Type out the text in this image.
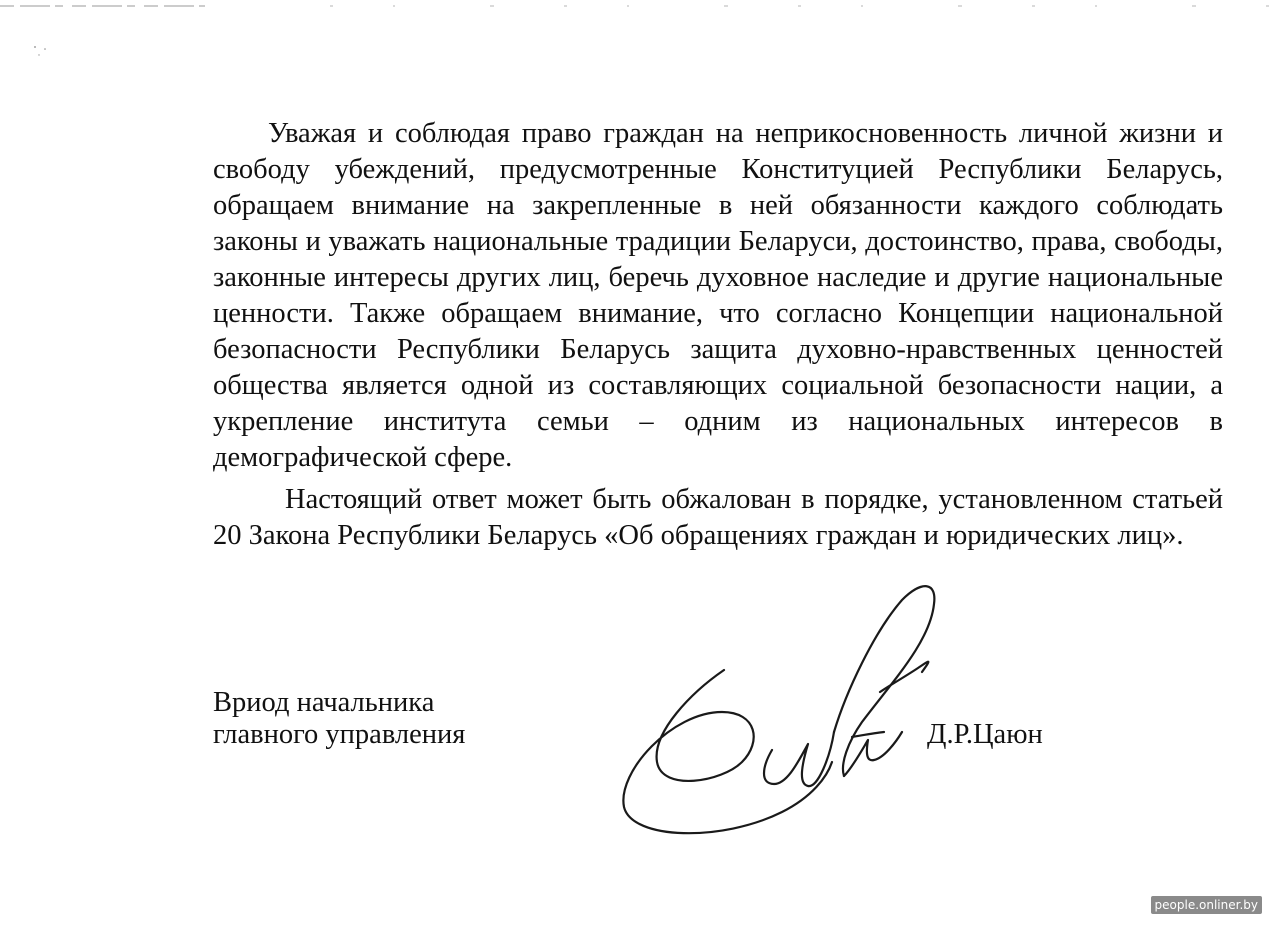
Уважая и соблюдая право граждан на неприкосновенность личной жизни и свободу убеждений, предусмотренные Конституцией Республики Беларусь, обращаем внимание на закрепленные в ней обязанности каждого соблюдать законы и уважать национальные традиции Беларуси, достоинство, права, свободы, законные интересы других лиц, беречь духовное наследие и другие национальные ценности. Также обращаем внимание, что согласно Концепции национальной безопасности Республики Беларусь защита духовно-нравственных ценностей общества является одной из составляющих социальной безопасности нации, а укрепление института семьи – одним из национальных интересов в демографической сфере.

Настоящий ответ может быть обжалован в порядке, установленном статьей 20 Закона Республики Беларусь «Об обращениях граждан и юридических лиц».

Вриод начальника
главного управления	Д.Р.Цаюн
people.onliner.by
